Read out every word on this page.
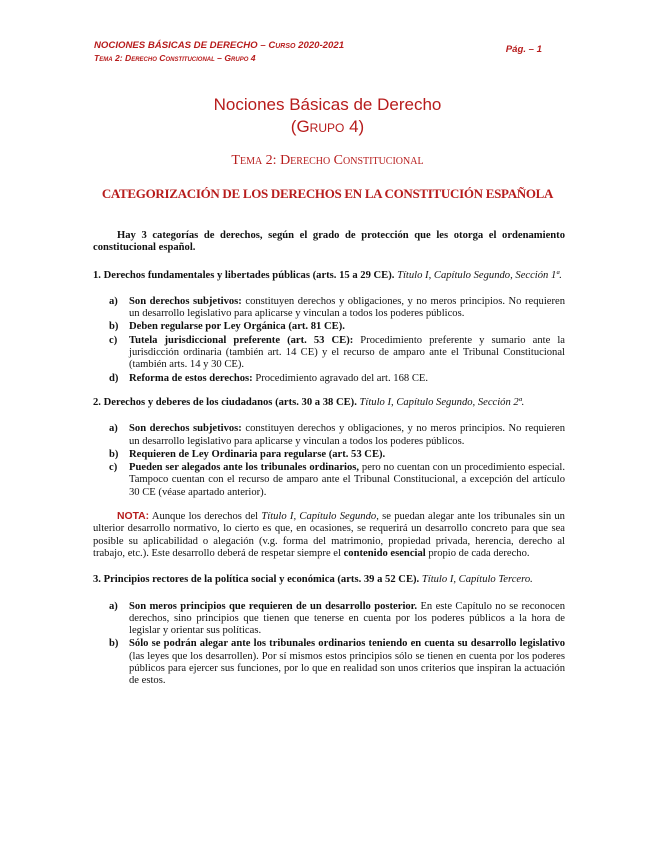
NOCIONES BÁSICAS DE DERECHO – Curso 2020-2021
Tema 2: Derecho Constitucional – Grupo 4
Pág. – 1
Nociones Básicas de Derecho
(Grupo 4)
Tema 2: Derecho Constitucional
CATEGORIZACIÓN DE LOS DERECHOS EN LA CONSTITUCIÓN ESPAÑOLA

Hay 3 categorías de derechos, según el grado de protección que les otorga el ordenamiento constitucional español.

1. Derechos fundamentales y libertades públicas (arts. 15 a 29 CE). Título I, Capítulo Segundo, Sección 1ª.

a) Son derechos subjetivos: constituyen derechos y obligaciones, y no meros principios. No requieren un desarrollo legislativo para aplicarse y vinculan a todos los poderes públicos.
b) Deben regularse por Ley Orgánica (art. 81 CE).
c) Tutela jurisdiccional preferente (art. 53 CE): Procedimiento preferente y sumario ante la jurisdicción ordinaria (también art. 14 CE) y el recurso de amparo ante el Tribunal Constitucional (también arts. 14 y 30 CE).
d) Reforma de estos derechos: Procedimiento agravado del art. 168 CE.

2. Derechos y deberes de los ciudadanos (arts. 30 a 38 CE). Título I, Capítulo Segundo, Sección 2ª.

a) Son derechos subjetivos: constituyen derechos y obligaciones, y no meros principios. No requieren un desarrollo legislativo para aplicarse y vinculan a todos los poderes públicos.
b) Requieren de Ley Ordinaria para regularse (art. 53 CE).
c) Pueden ser alegados ante los tribunales ordinarios, pero no cuentan con un procedimiento especial. Tampoco cuentan con el recurso de amparo ante el Tribunal Constitucional, a excepción del artículo 30 CE (véase apartado anterior).

NOTA: Aunque los derechos del Título I, Capítulo Segundo, se puedan alegar ante los tribunales sin un ulterior desarrollo normativo, lo cierto es que, en ocasiones, se requerirá un desarrollo concreto para que sea posible su aplicabilidad o alegación (v.g. forma del matrimonio, propiedad privada, herencia, derecho al trabajo, etc.). Este desarrollo deberá de respetar siempre el contenido esencial propio de cada derecho.

3. Principios rectores de la política social y económica (arts. 39 a 52 CE). Título I, Capítulo Tercero.

a) Son meros principios que requieren de un desarrollo posterior. En este Capítulo no se reconocen derechos, sino principios que tienen que tenerse en cuenta por los poderes públicos a la hora de legislar y orientar sus políticas.
b) Sólo se podrán alegar ante los tribunales ordinarios teniendo en cuenta su desarrollo legislativo (las leyes que los desarrollen). Por sí mismos estos principios sólo se tienen en cuenta por los poderes públicos para ejercer sus funciones, por lo que en realidad son unos criterios que inspiran la actuación de estos.
